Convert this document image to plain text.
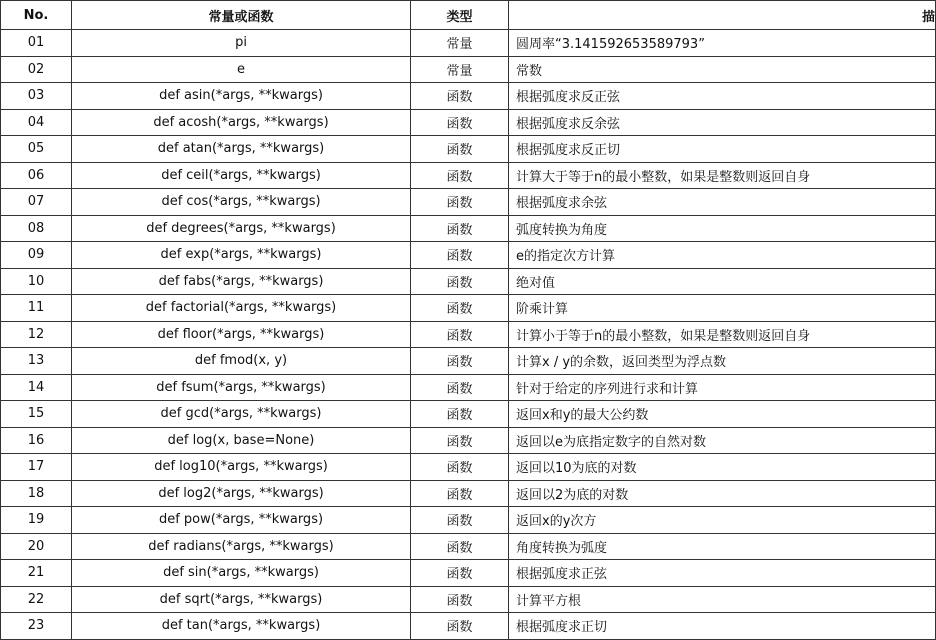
No.	常量或函数	类型	描
01	pi	常量	圆周率“3.141592653589793”
02	e	常量	常数
03	def asin(*args, **kwargs)	函数	根据弧度求反正弦
04	def acosh(*args, **kwargs)	函数	根据弧度求反余弦
05	def atan(*args, **kwargs)	函数	根据弧度求反正切
06	def ceil(*args, **kwargs)	函数	计算大于等于n的最小整数，如果是整数则返回自身
07	def cos(*args, **kwargs)	函数	根据弧度求余弦
08	def degrees(*args, **kwargs)	函数	弧度转换为角度
09	def exp(*args, **kwargs)	函数	e的指定次方计算
10	def fabs(*args, **kwargs)	函数	绝对值
11	def factorial(*args, **kwargs)	函数	阶乘计算
12	def floor(*args, **kwargs)	函数	计算小于等于n的最小整数，如果是整数则返回自身
13	def fmod(x, y)	函数	计算x / y的余数，返回类型为浮点数
14	def fsum(*args, **kwargs)	函数	针对于给定的序列进行求和计算
15	def gcd(*args, **kwargs)	函数	返回x和y的最大公约数
16	def log(x, base=None)	函数	返回以e为底指定数字的自然对数
17	def log10(*args, **kwargs)	函数	返回以10为底的对数
18	def log2(*args, **kwargs)	函数	返回以2为底的对数
19	def pow(*args, **kwargs)	函数	返回x的y次方
20	def radians(*args, **kwargs)	函数	角度转换为弧度
21	def sin(*args, **kwargs)	函数	根据弧度求正弦
22	def sqrt(*args, **kwargs)	函数	计算平方根
23	def tan(*args, **kwargs)	函数	根据弧度求正切
